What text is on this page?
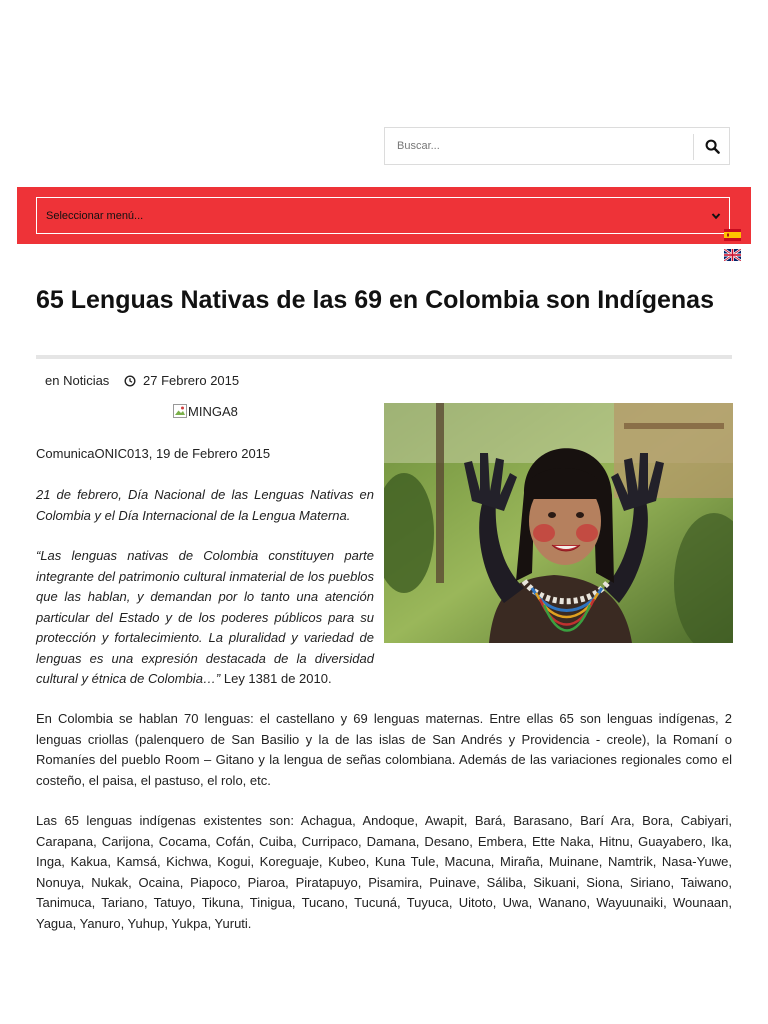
Buscar...
Seleccionar menú...
65 Lenguas Nativas de las 69 en Colombia son Indígenas
en Noticias	27 Febrero 2015
MINGA8

ComunicaONIC013, 19 de Febrero 2015

21 de febrero, Día Nacional de las Lenguas Nativas en Colombia y el Día Internacional de la Lengua Materna.

“Las lenguas nativas de Colombia constituyen parte integrante del patrimonio cultural inmaterial de los pueblos que las hablan, y demandan por lo tanto una atención particular del Estado y de los poderes públicos para su protección y fortalecimiento. La pluralidad y variedad de lenguas es una expresión destacada de la diversidad cultural y étnica de Colombia…” Ley 1381 de 2010.

En Colombia se hablan 70 lenguas: el castellano y 69 lenguas maternas. Entre ellas 65 son lenguas indígenas, 2 lenguas criollas (palenquero de San Basilio y la de las islas de San Andrés y Providencia - creole), la Romaní o Romaníes del pueblo Room – Gitano y la lengua de señas colombiana. Además de las variaciones regionales como el costeño, el paisa, el pastuso, el rolo, etc.

Las 65 lenguas indígenas existentes son: Achagua, Andoque, Awapit, Bará, Barasano, Barí Ara, Bora, Cabiyari, Carapana, Carijona, Cocama, Cofán, Cuiba, Curripaco, Damana, Desano, Embera, Ette Naka, Hitnu, Guayabero, Ika, Inga, Kakua, Kamsá, Kichwa, Kogui, Koreguaje, Kubeo, Kuna Tule, Macuna, Miraña, Muinane, Namtrik, Nasa-Yuwe, Nonuya, Nukak, Ocaina, Piapoco, Piaroa, Piratapuyo, Pisamira, Puinave, Sáliba, Sikuani, Siona, Siriano, Taiwano, Tanimuca, Tariano, Tatuyo, Tikuna, Tinigua, Tucano, Tucuná, Tuyuca, Uitoto, Uwa, Wanano, Wayuunaiki, Wounaan, Yagua, Yanuro, Yuhup, Yukpa, Yuruti.
